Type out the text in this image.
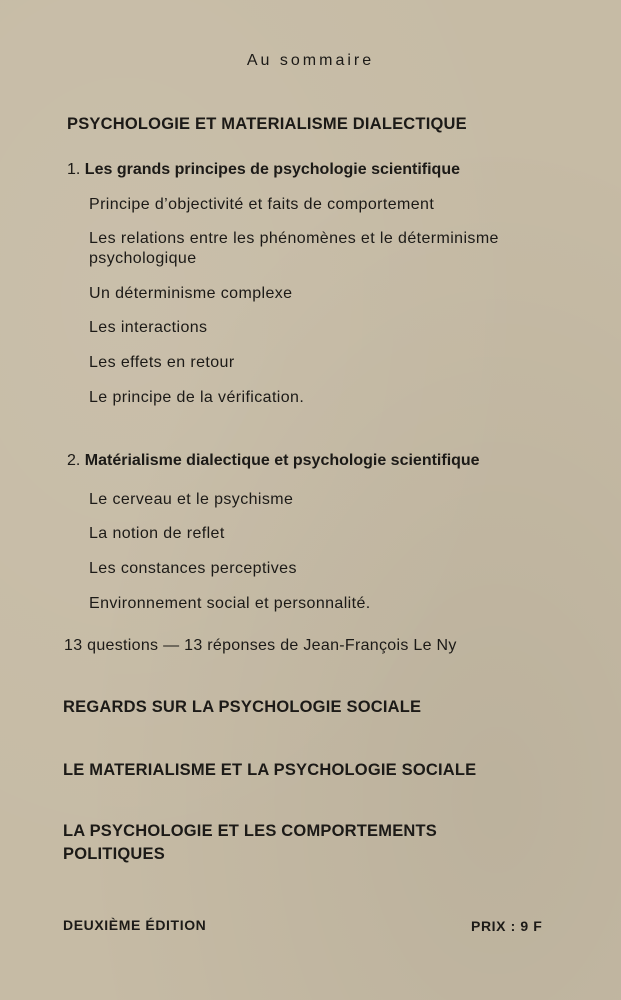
Au sommaire
PSYCHOLOGIE ET MATERIALISME DIALECTIQUE
1. Les grands principes de psychologie scientifique
Principe d’objectivité et faits de comportement
Les relations entre les phénomènes et le déterminisme
psychologique
Un déterminisme complexe
Les interactions
Les effets en retour
Le principe de la vérification.
2. Matérialisme dialectique et psychologie scientifique
Le cerveau et le psychisme
La notion de reflet
Les constances perceptives
Environnement social et personnalité.
13 questions — 13 réponses de Jean-François Le Ny
REGARDS SUR LA PSYCHOLOGIE SOCIALE
LE MATERIALISME ET LA PSYCHOLOGIE SOCIALE
LA PSYCHOLOGIE ET LES COMPORTEMENTS
POLITIQUES
DEUXIÈME ÉDITION	PRIX : 9 F
